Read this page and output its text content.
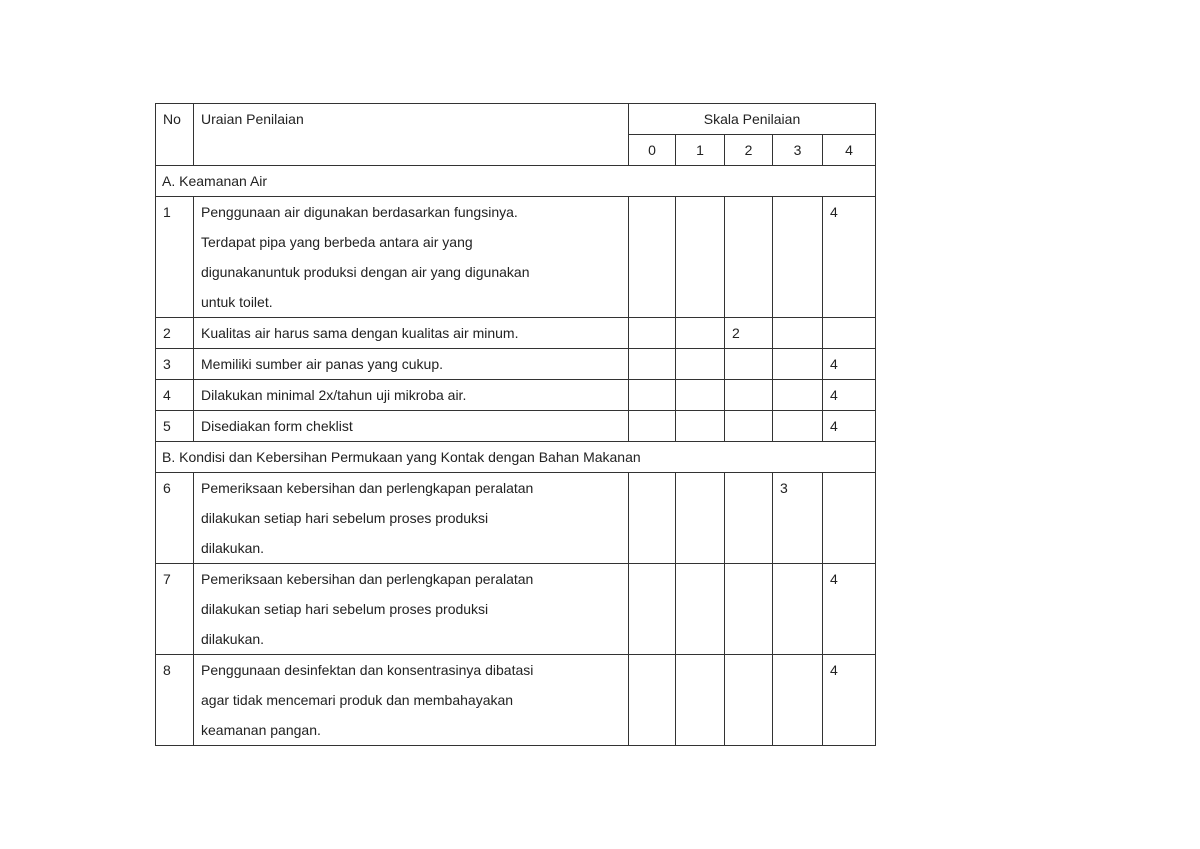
No	Uraian Penilaian	Skala Penilaian				
		0	1	2	3	4
A. Keamanan Air						
1	Penggunaan air digunakan berdasarkan fungsinya.
Terdapat pipa yang berbeda antara air yang
digunakanuntuk produksi dengan air yang digunakan
untuk toilet.					4
2	Kualitas air harus sama dengan kualitas air minum.			2		
3	Memiliki sumber air panas yang cukup.					4
4	Dilakukan minimal 2x/tahun uji mikroba air.					4
5	Disediakan form cheklist					4
B. Kondisi dan Kebersihan Permukaan yang Kontak dengan Bahan Makanan						
6	Pemeriksaan kebersihan dan perlengkapan peralatan
dilakukan setiap hari sebelum proses produksi
dilakukan.				3	
7	Pemeriksaan kebersihan dan perlengkapan peralatan
dilakukan setiap hari sebelum proses produksi
dilakukan.					4
8	Penggunaan desinfektan dan konsentrasinya dibatasi
agar tidak mencemari produk dan membahayakan
keamanan pangan.					4
